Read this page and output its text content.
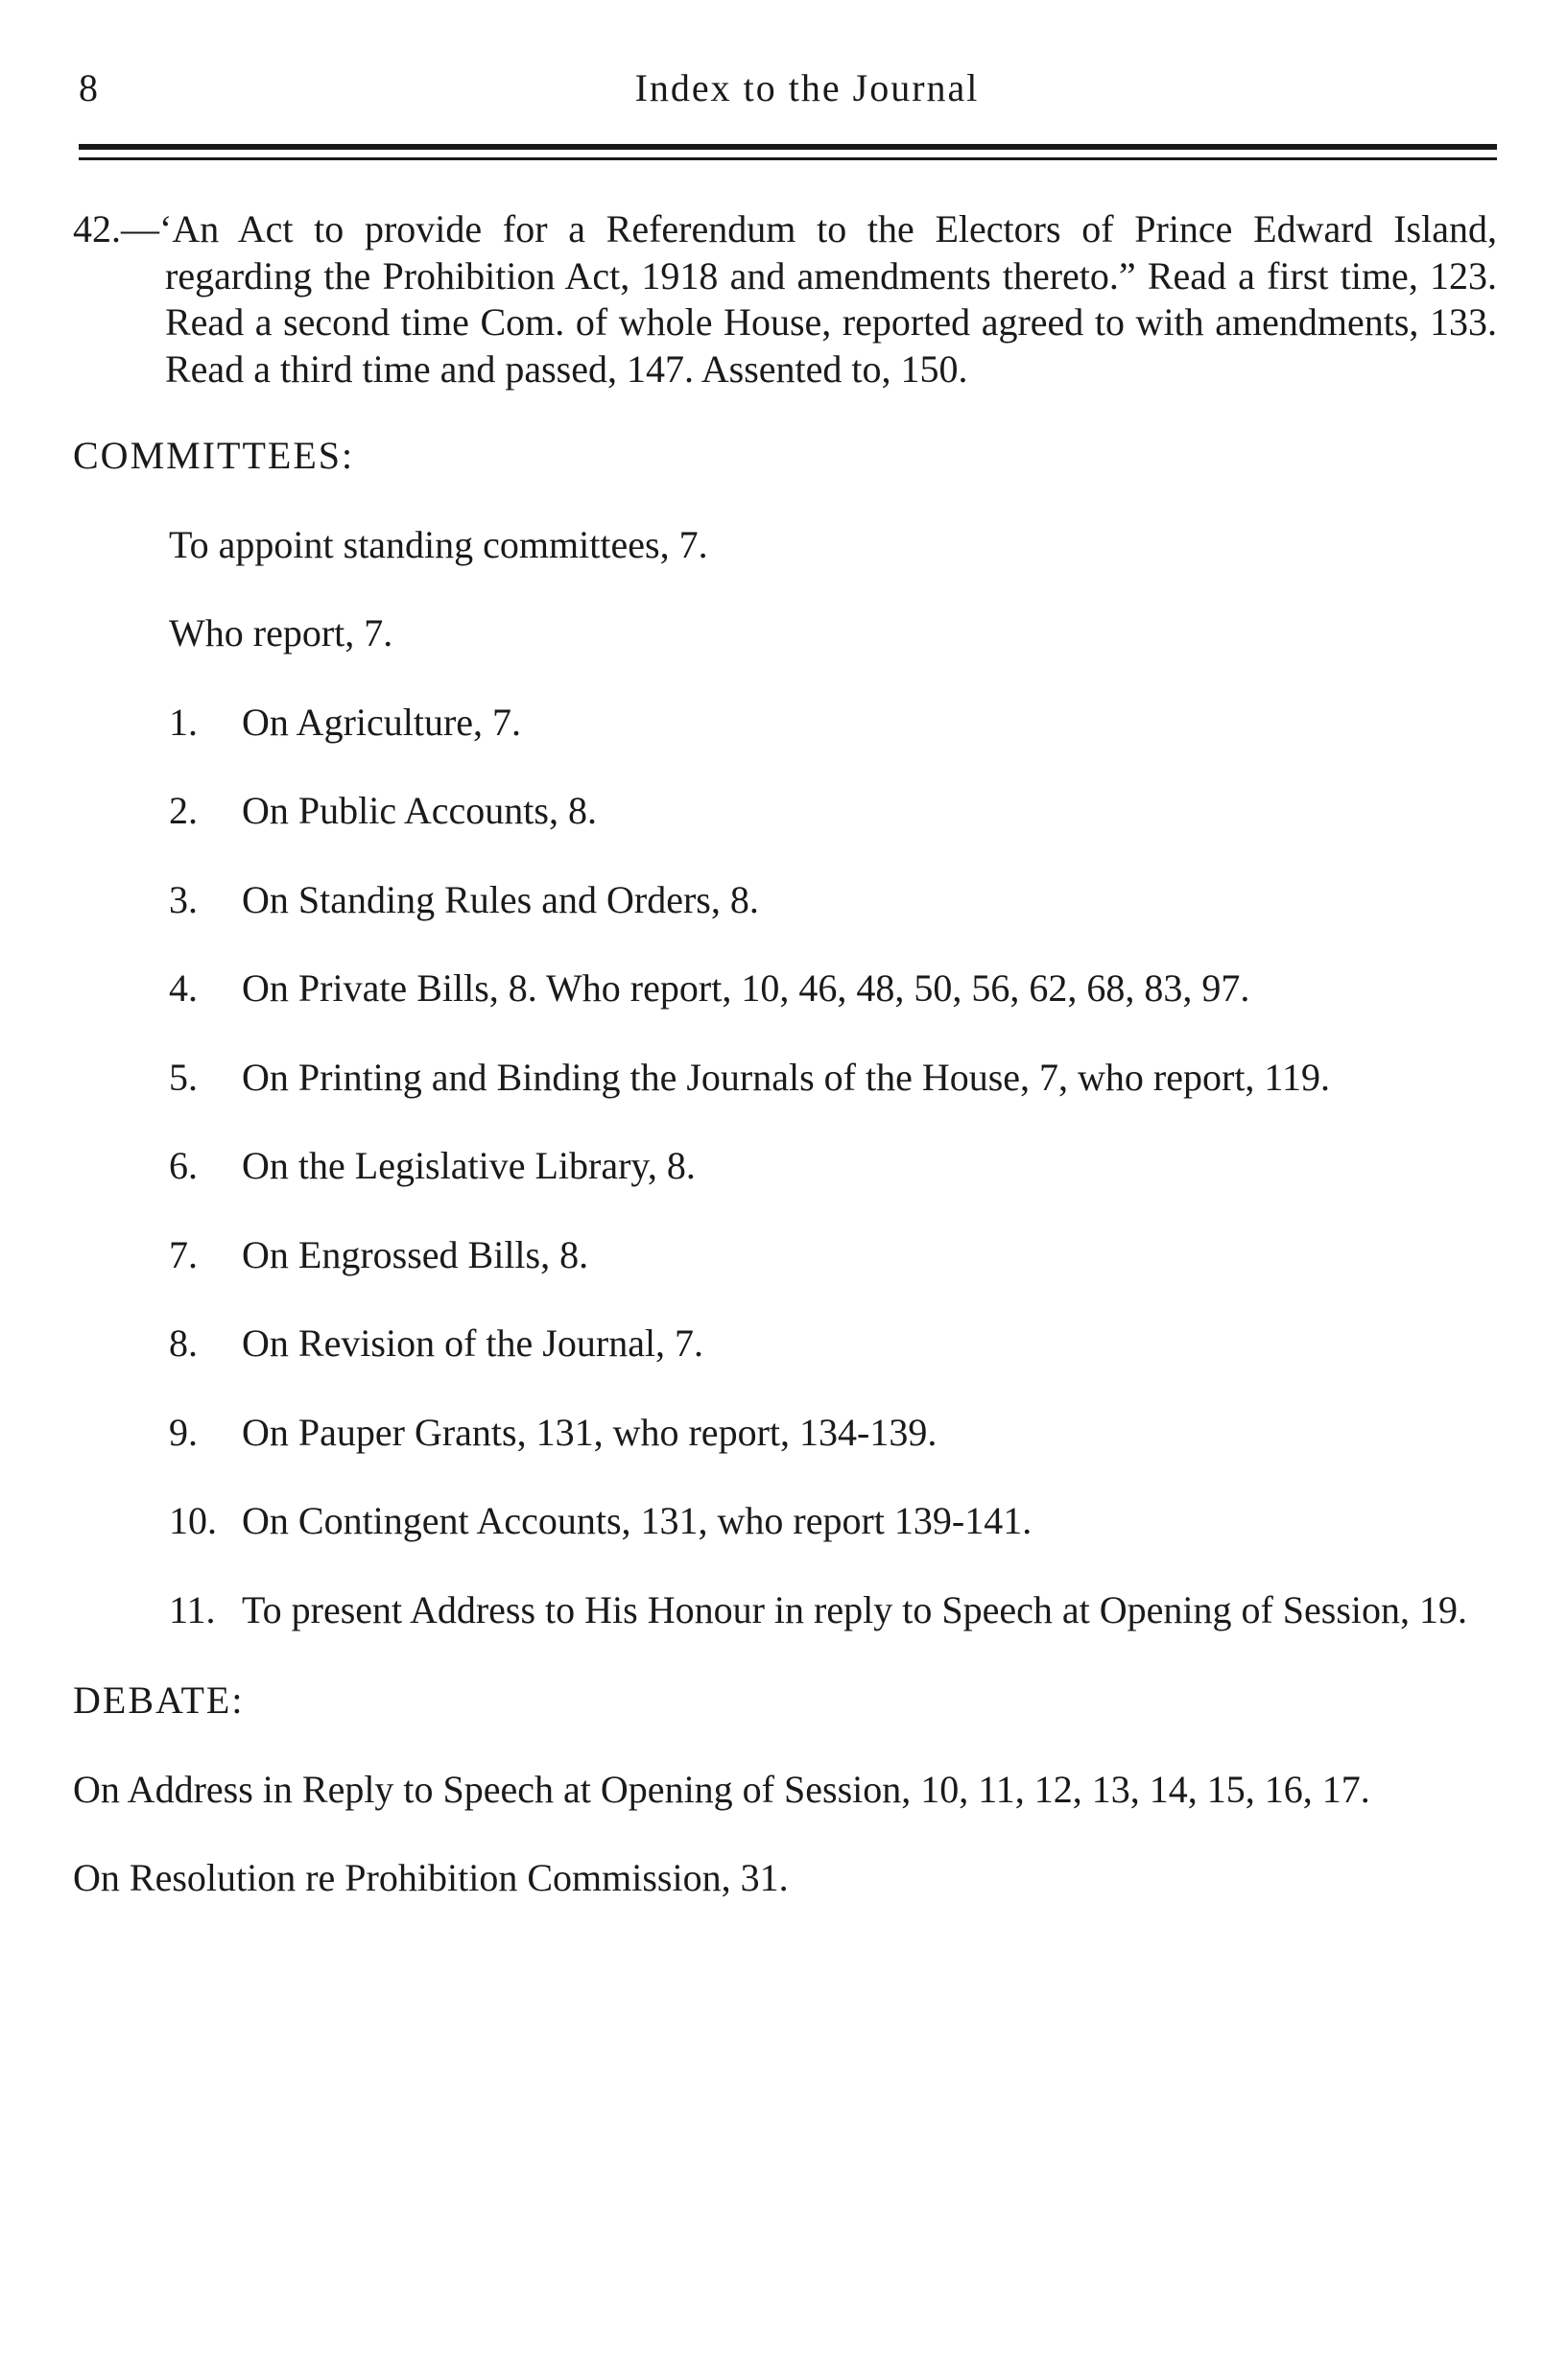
8	Index to the Journal

42.—‘An Act to provide for a Referendum to the Electors of Prince Edward Island, regarding the Prohibition Act, 1918 and amendments thereto.” Read a first time, 123. Read a second time Com. of whole House, reported agreed to with amendments, 133. Read a third time and passed, 147. Assented to, 150.

COMMITTEES:

To appoint standing committees, 7.

Who report, 7.

1. On Agriculture, 7.
2. On Public Accounts, 8.
3. On Standing Rules and Orders, 8.
4. On Private Bills, 8. Who report, 10, 46, 48, 50, 56, 62, 68, 83, 97.
5. On Printing and Binding the Journals of the House, 7, who report, 119.
6. On the Legislative Library, 8.
7. On Engrossed Bills, 8.
8. On Revision of the Journal, 7.
9. On Pauper Grants, 131, who report, 134-139.
10. On Contingent Accounts, 131, who report 139-141.
11. To present Address to His Honour in reply to Speech at Opening of Session, 19.
DEBATE:

On Address in Reply to Speech at Opening of Session, 10, 11, 12, 13, 14, 15, 16, 17.

On Resolution re Prohibition Commission, 31.
